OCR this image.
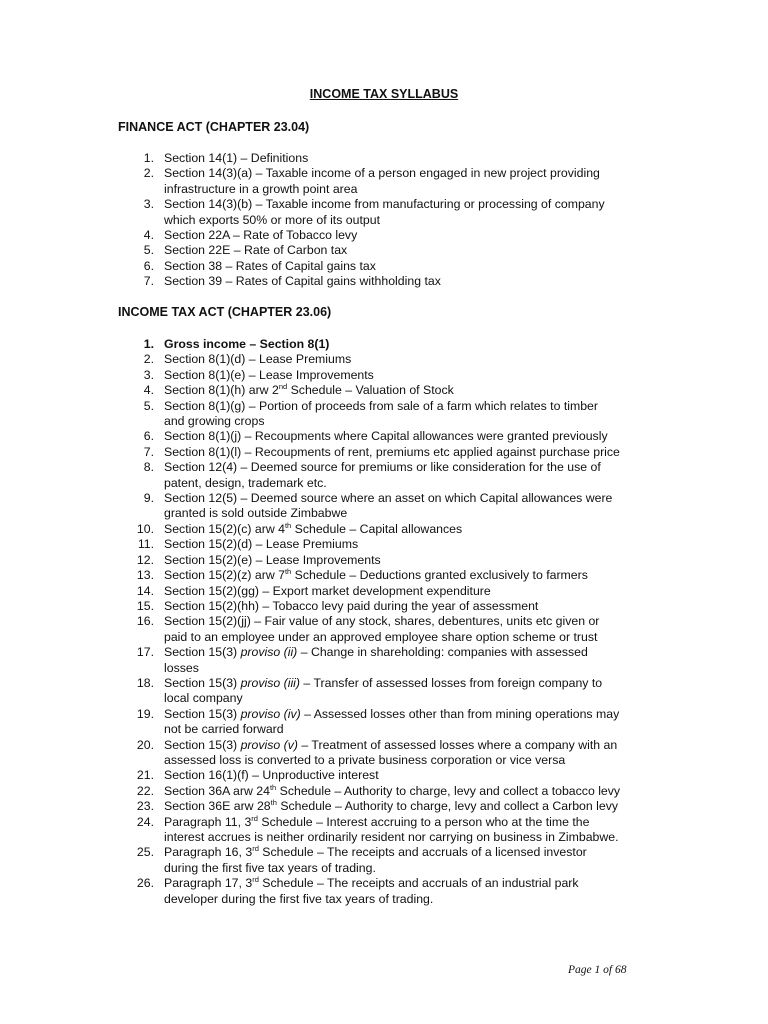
INCOME TAX SYLLABUS
FINANCE ACT (CHAPTER 23.04)
1. Section 14(1) – Definitions
2. Section 14(3)(a) – Taxable income of a person engaged in new project providing
infrastructure in a growth point area
3. Section 14(3)(b) – Taxable income from manufacturing or processing of company
which exports 50% or more of its output
4. Section 22A – Rate of Tobacco levy
5. Section 22E – Rate of Carbon tax
6. Section 38 – Rates of Capital gains tax
7. Section 39 – Rates of Capital gains withholding tax
INCOME TAX ACT (CHAPTER 23.06)
1. Gross income – Section 8(1)
2. Section 8(1)(d) – Lease Premiums
3. Section 8(1)(e) – Lease Improvements
4. Section 8(1)(h) arw 2nd Schedule – Valuation of Stock
5. Section 8(1)(g) – Portion of proceeds from sale of a farm which relates to timber
and growing crops
6. Section 8(1)(j) – Recoupments where Capital allowances were granted previously
7. Section 8(1)(l) – Recoupments of rent, premiums etc applied against purchase price
8. Section 12(4) – Deemed source for premiums or like consideration for the use of
patent, design, trademark etc.
9. Section 12(5) – Deemed source where an asset on which Capital allowances were
granted is sold outside Zimbabwe
10. Section 15(2)(c) arw 4th Schedule – Capital allowances
11. Section 15(2)(d) – Lease Premiums
12. Section 15(2)(e) – Lease Improvements
13. Section 15(2)(z) arw 7th Schedule – Deductions granted exclusively to farmers
14. Section 15(2)(gg) – Export market development expenditure
15. Section 15(2)(hh) – Tobacco levy paid during the year of assessment
16. Section 15(2)(jj) – Fair value of any stock, shares, debentures, units etc given or
paid to an employee under an approved employee share option scheme or trust
17. Section 15(3) proviso (ii) – Change in shareholding: companies with assessed
losses
18. Section 15(3) proviso (iii) – Transfer of assessed losses from foreign company to
local company
19. Section 15(3) proviso (iv) – Assessed losses other than from mining operations may
not be carried forward
20. Section 15(3) proviso (v) – Treatment of assessed losses where a company with an
assessed loss is converted to a private business corporation or vice versa
21. Section 16(1)(f) – Unproductive interest
22. Section 36A arw 24th Schedule – Authority to charge, levy and collect a tobacco levy
23. Section 36E arw 28th Schedule – Authority to charge, levy and collect a Carbon levy
24. Paragraph 11, 3rd Schedule – Interest accruing to a person who at the time the
interest accrues is neither ordinarily resident nor carrying on business in Zimbabwe.
25. Paragraph 16, 3rd Schedule – The receipts and accruals of a licensed investor
during the first five tax years of trading.
26. Paragraph 17, 3rd Schedule – The receipts and accruals of an industrial park
developer during the first five tax years of trading.
Page 1 of 68
